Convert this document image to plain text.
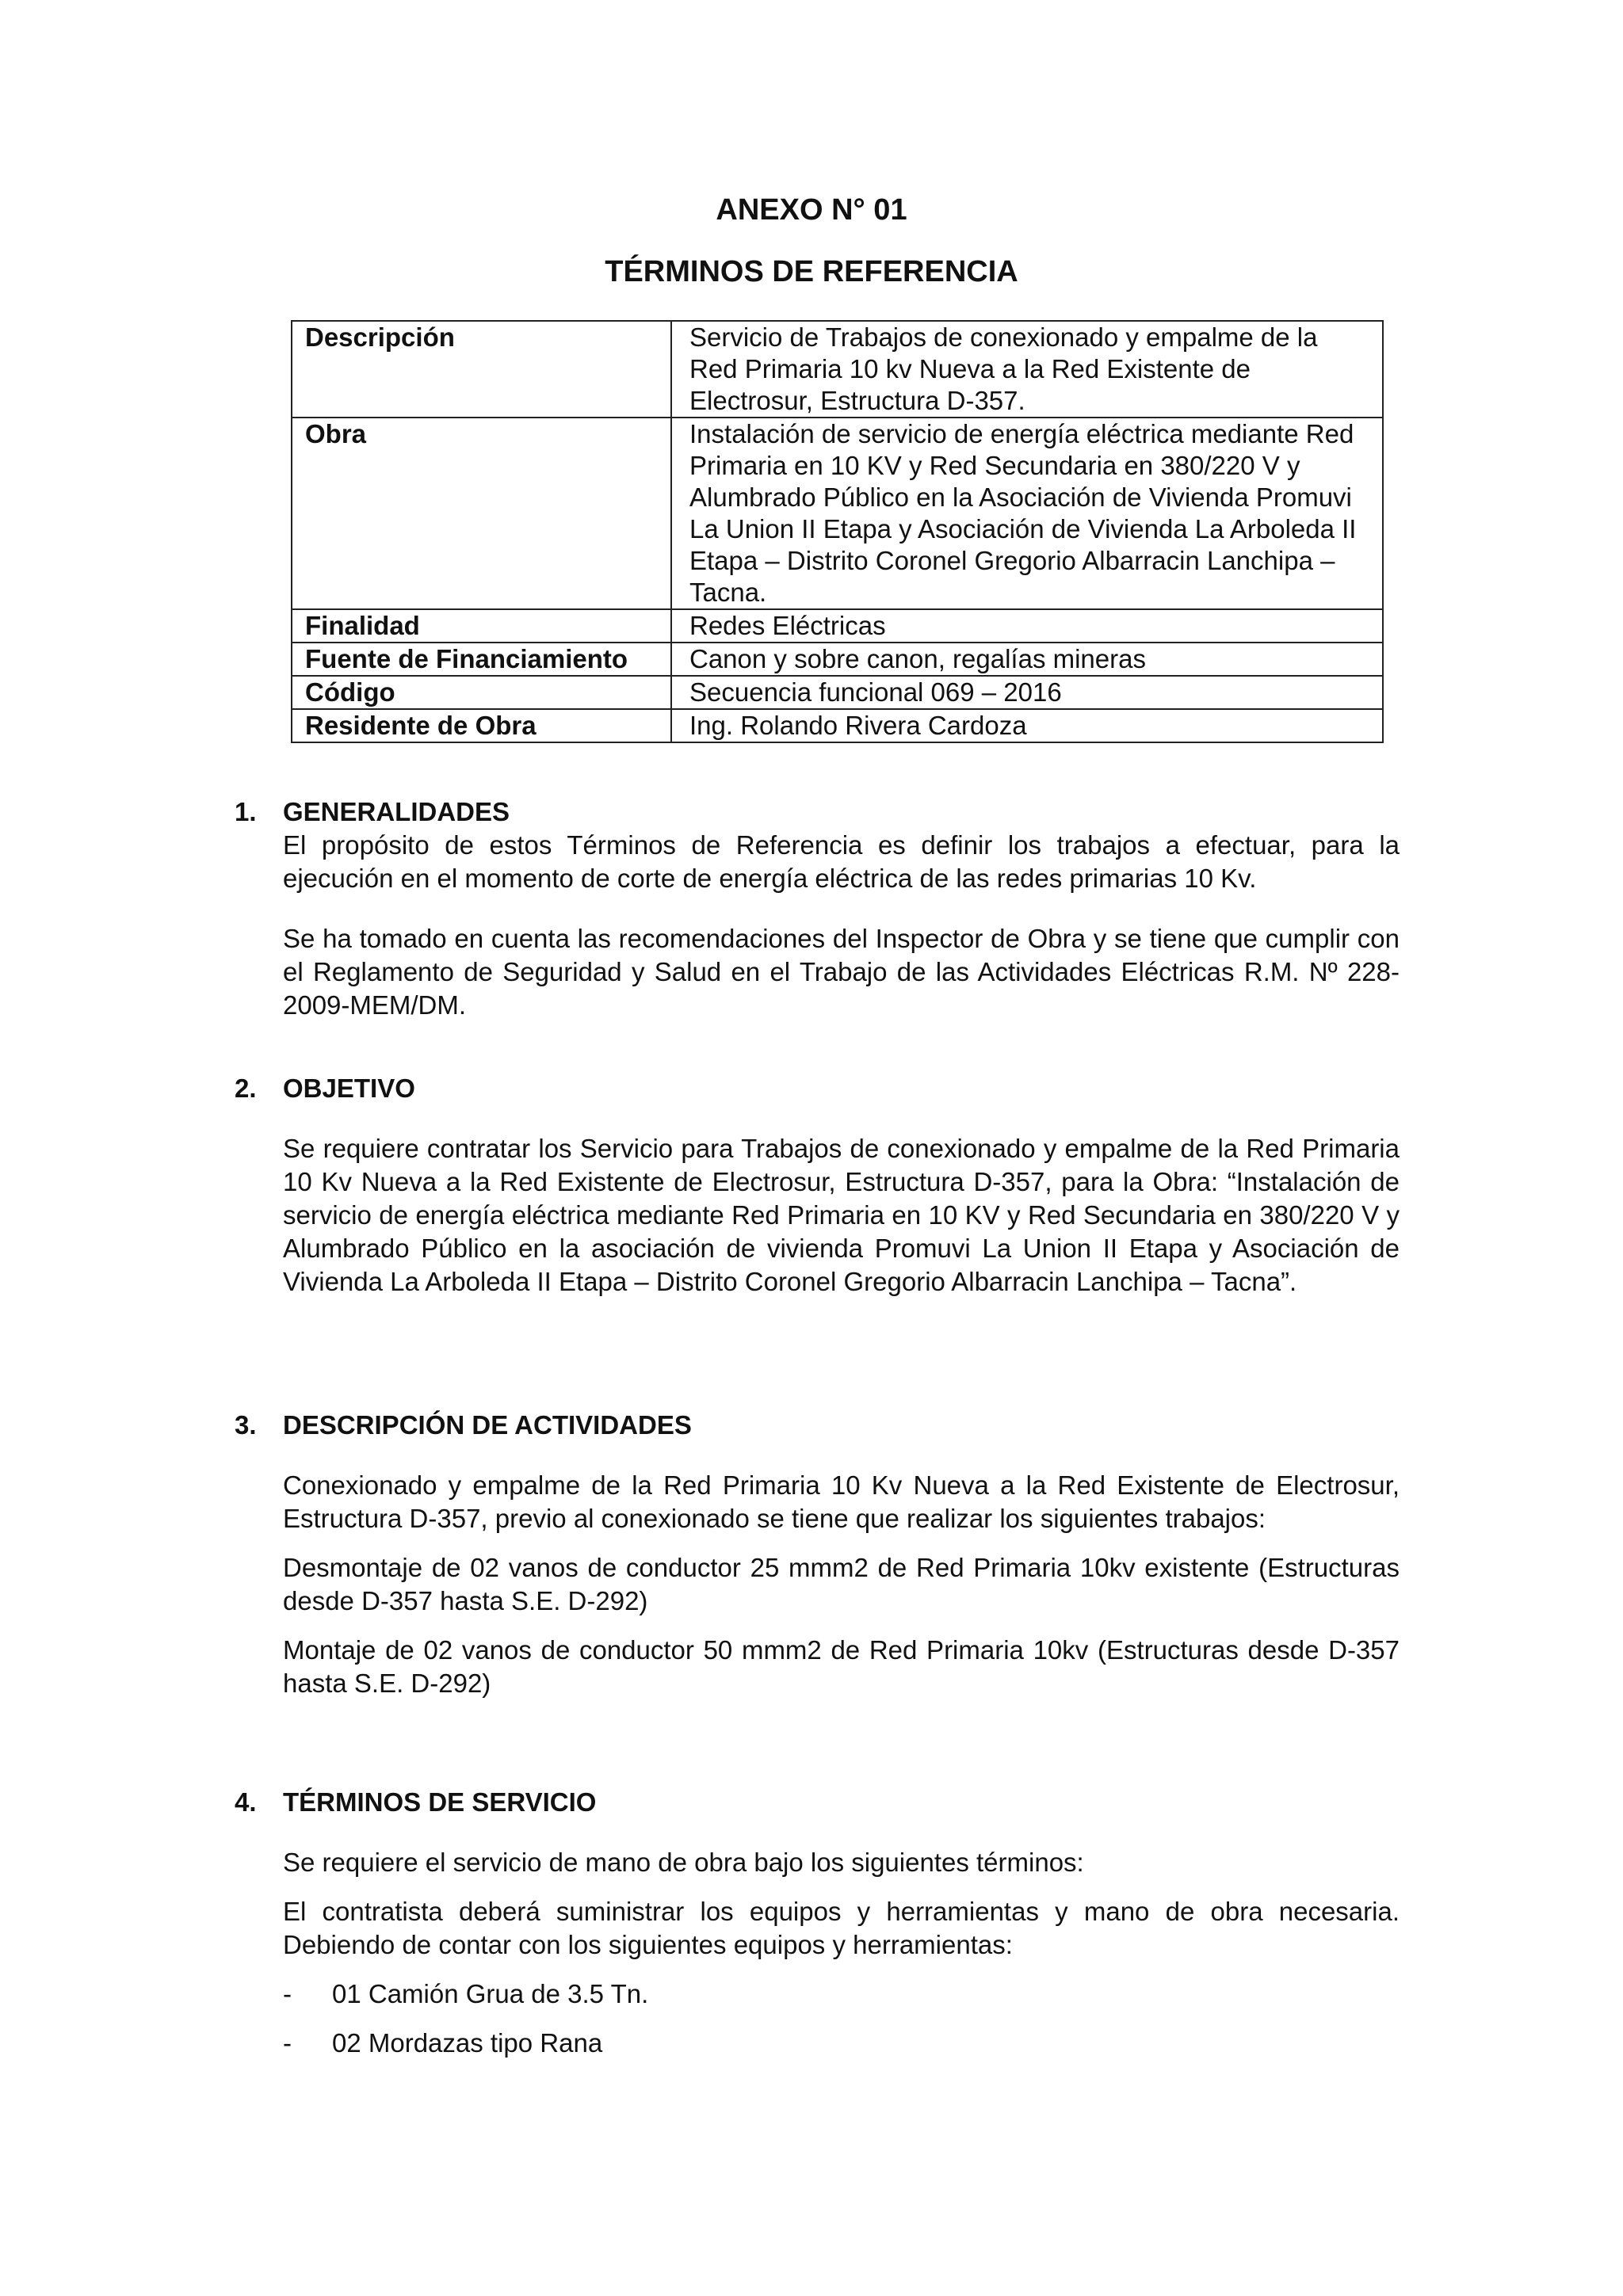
ANEXO N° 01
TÉRMINOS DE REFERENCIA
Descripción	Servicio de Trabajos de conexionado y empalme de la Red Primaria 10 kv Nueva a la Red Existente de Electrosur, Estructura D-357.
Obra	Instalación de servicio de energía eléctrica mediante Red Primaria en 10 KV y Red Secundaria en 380/220 V y Alumbrado Público en la Asociación de Vivienda Promuvi La Union II Etapa y Asociación de Vivienda La Arboleda II Etapa – Distrito Coronel Gregorio Albarracin Lanchipa – Tacna.
Finalidad	Redes Eléctricas
Fuente de Financiamiento	Canon y sobre canon, regalías mineras
Código	Secuencia funcional 069 – 2016
Residente de Obra	Ing. Rolando Rivera Cardoza
1.	GENERALIDADES

El propósito de estos Términos de Referencia es definir los trabajos a efectuar, para la ejecución en el momento de corte de energía eléctrica de las redes primarias 10 Kv.

Se ha tomado en cuenta las recomendaciones del Inspector de Obra y se tiene que cumplir con el Reglamento de Seguridad y Salud en el Trabajo de las Actividades Eléctricas R.M. Nº 228-2009-MEM/DM.

2.	OBJETIVO

Se requiere contratar los Servicio para Trabajos de conexionado y empalme de la Red Primaria 10 Kv Nueva a la Red Existente de Electrosur, Estructura D-357, para la Obra: “Instalación de servicio de energía eléctrica mediante Red Primaria en 10 KV y Red Secundaria en 380/220 V y Alumbrado Público en la asociación de vivienda Promuvi La Union II Etapa y Asociación de Vivienda La Arboleda II Etapa – Distrito Coronel Gregorio Albarracin Lanchipa – Tacna”.

3.	DESCRIPCIÓN DE ACTIVIDADES

Conexionado y empalme de la Red Primaria 10 Kv Nueva a la Red Existente de Electrosur, Estructura D-357, previo al conexionado se tiene que realizar los siguientes trabajos:

Desmontaje de 02 vanos de conductor 25 mmm2 de Red Primaria 10kv existente (Estructuras desde D-357 hasta S.E. D-292)

Montaje de 02 vanos de conductor 50 mmm2 de Red Primaria 10kv (Estructuras desde D-357 hasta S.E. D-292)

4.	TÉRMINOS DE SERVICIO

Se requiere el servicio de mano de obra bajo los siguientes términos:

El contratista deberá suministrar los equipos y herramientas y mano de obra necesaria. Debiendo de contar con los siguientes equipos y herramientas:

- 01 Camión Grua de 3.5 Tn.
- 02 Mordazas tipo Rana
